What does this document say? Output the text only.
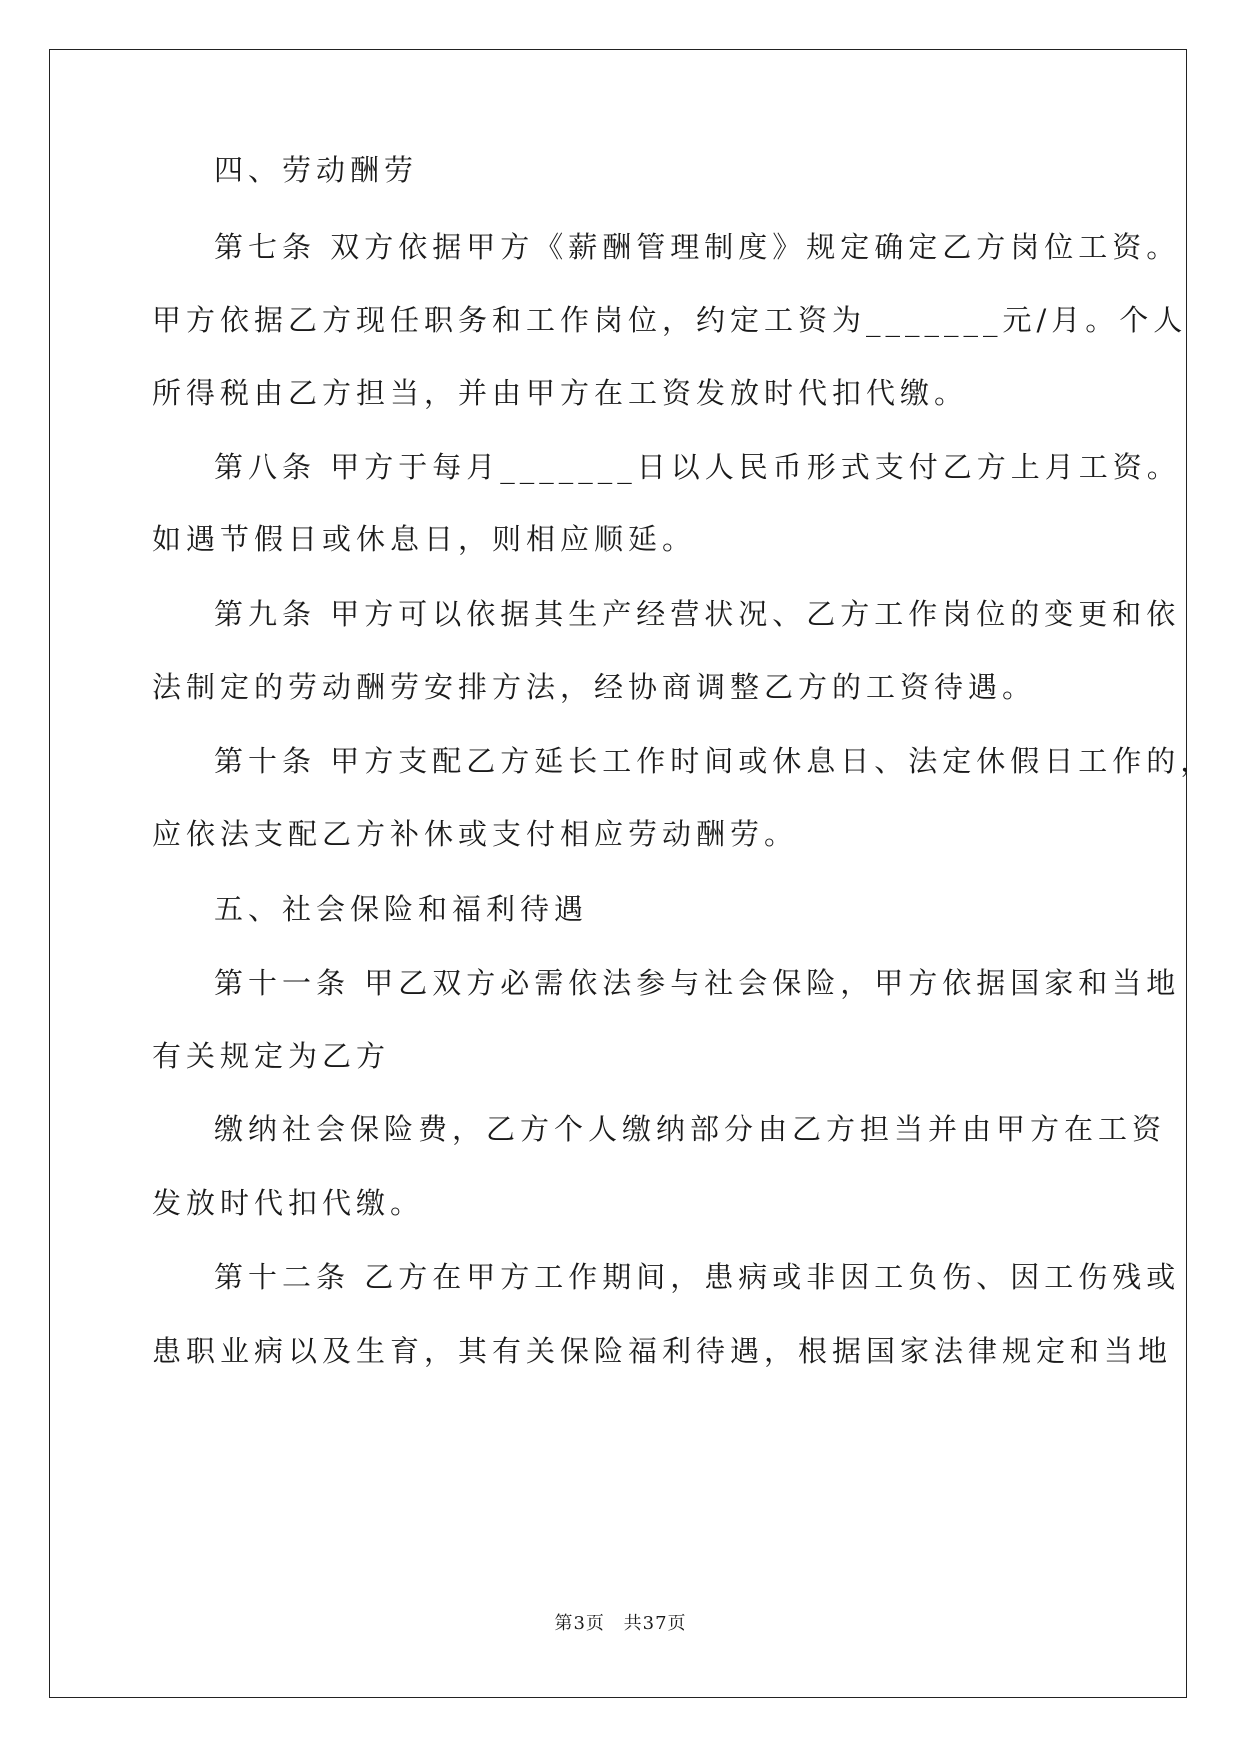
四、劳动酬劳
第七条 双方依据甲方《薪酬管理制度》规定确定乙方岗位工资。
甲方依据乙方现任职务和工作岗位，约定工资为_______元/月。个人
所得税由乙方担当，并由甲方在工资发放时代扣代缴。
第八条 甲方于每月_______日以人民币形式支付乙方上月工资。
如遇节假日或休息日，则相应顺延。
第九条 甲方可以依据其生产经营状况、乙方工作岗位的变更和依
法制定的劳动酬劳安排方法，经协商调整乙方的工资待遇。
第十条 甲方支配乙方延长工作时间或休息日、法定休假日工作的，
应依法支配乙方补休或支付相应劳动酬劳。
五、社会保险和福利待遇
第十一条 甲乙双方必需依法参与社会保险，甲方依据国家和当地
有关规定为乙方
缴纳社会保险费，乙方个人缴纳部分由乙方担当并由甲方在工资
发放时代扣代缴。
第十二条 乙方在甲方工作期间，患病或非因工负伤、因工伤残或
患职业病以及生育，其有关保险福利待遇，根据国家法律规定和当地
第3页 共37页
